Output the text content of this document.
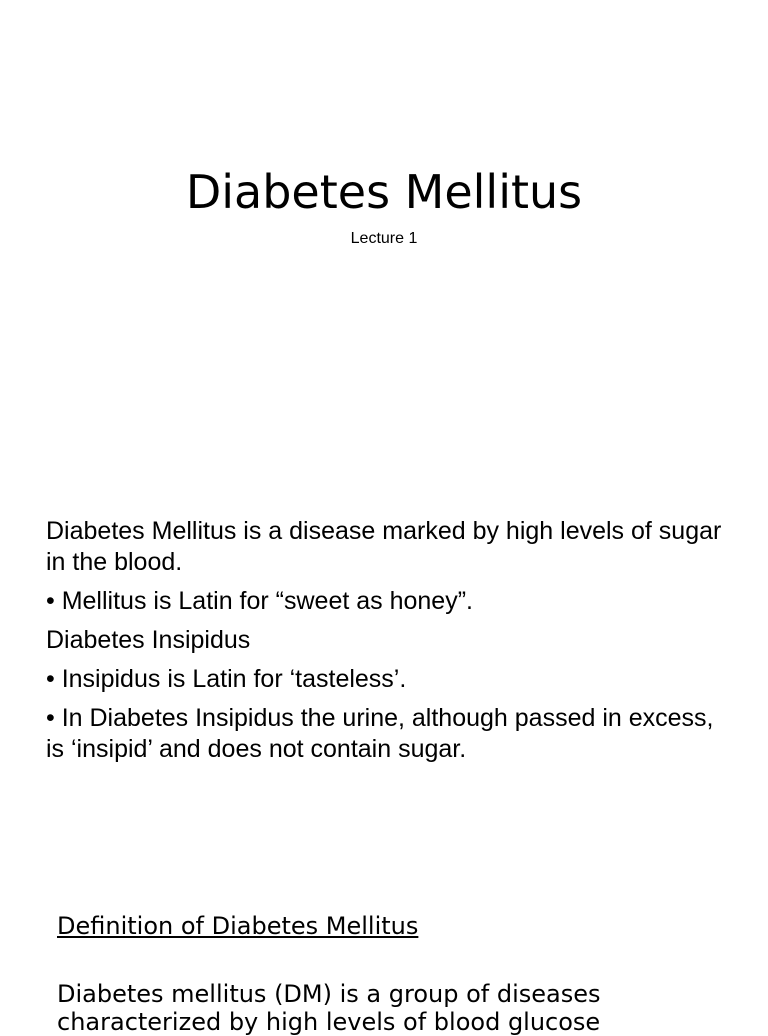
Diabetes Mellitus
Lecture 1

Diabetes Mellitus is a disease marked by high levels of sugar in the blood.

• Mellitus is Latin for “sweet as honey”.

Diabetes Insipidus

• Insipidus is Latin for ‘tasteless’.

• In Diabetes Insipidus the urine, although passed in excess, is ‘insipid’ and does not contain sugar.

Definition of Diabetes Mellitus

Diabetes mellitus (DM) is a group of diseases characterized by high levels of blood glucose
